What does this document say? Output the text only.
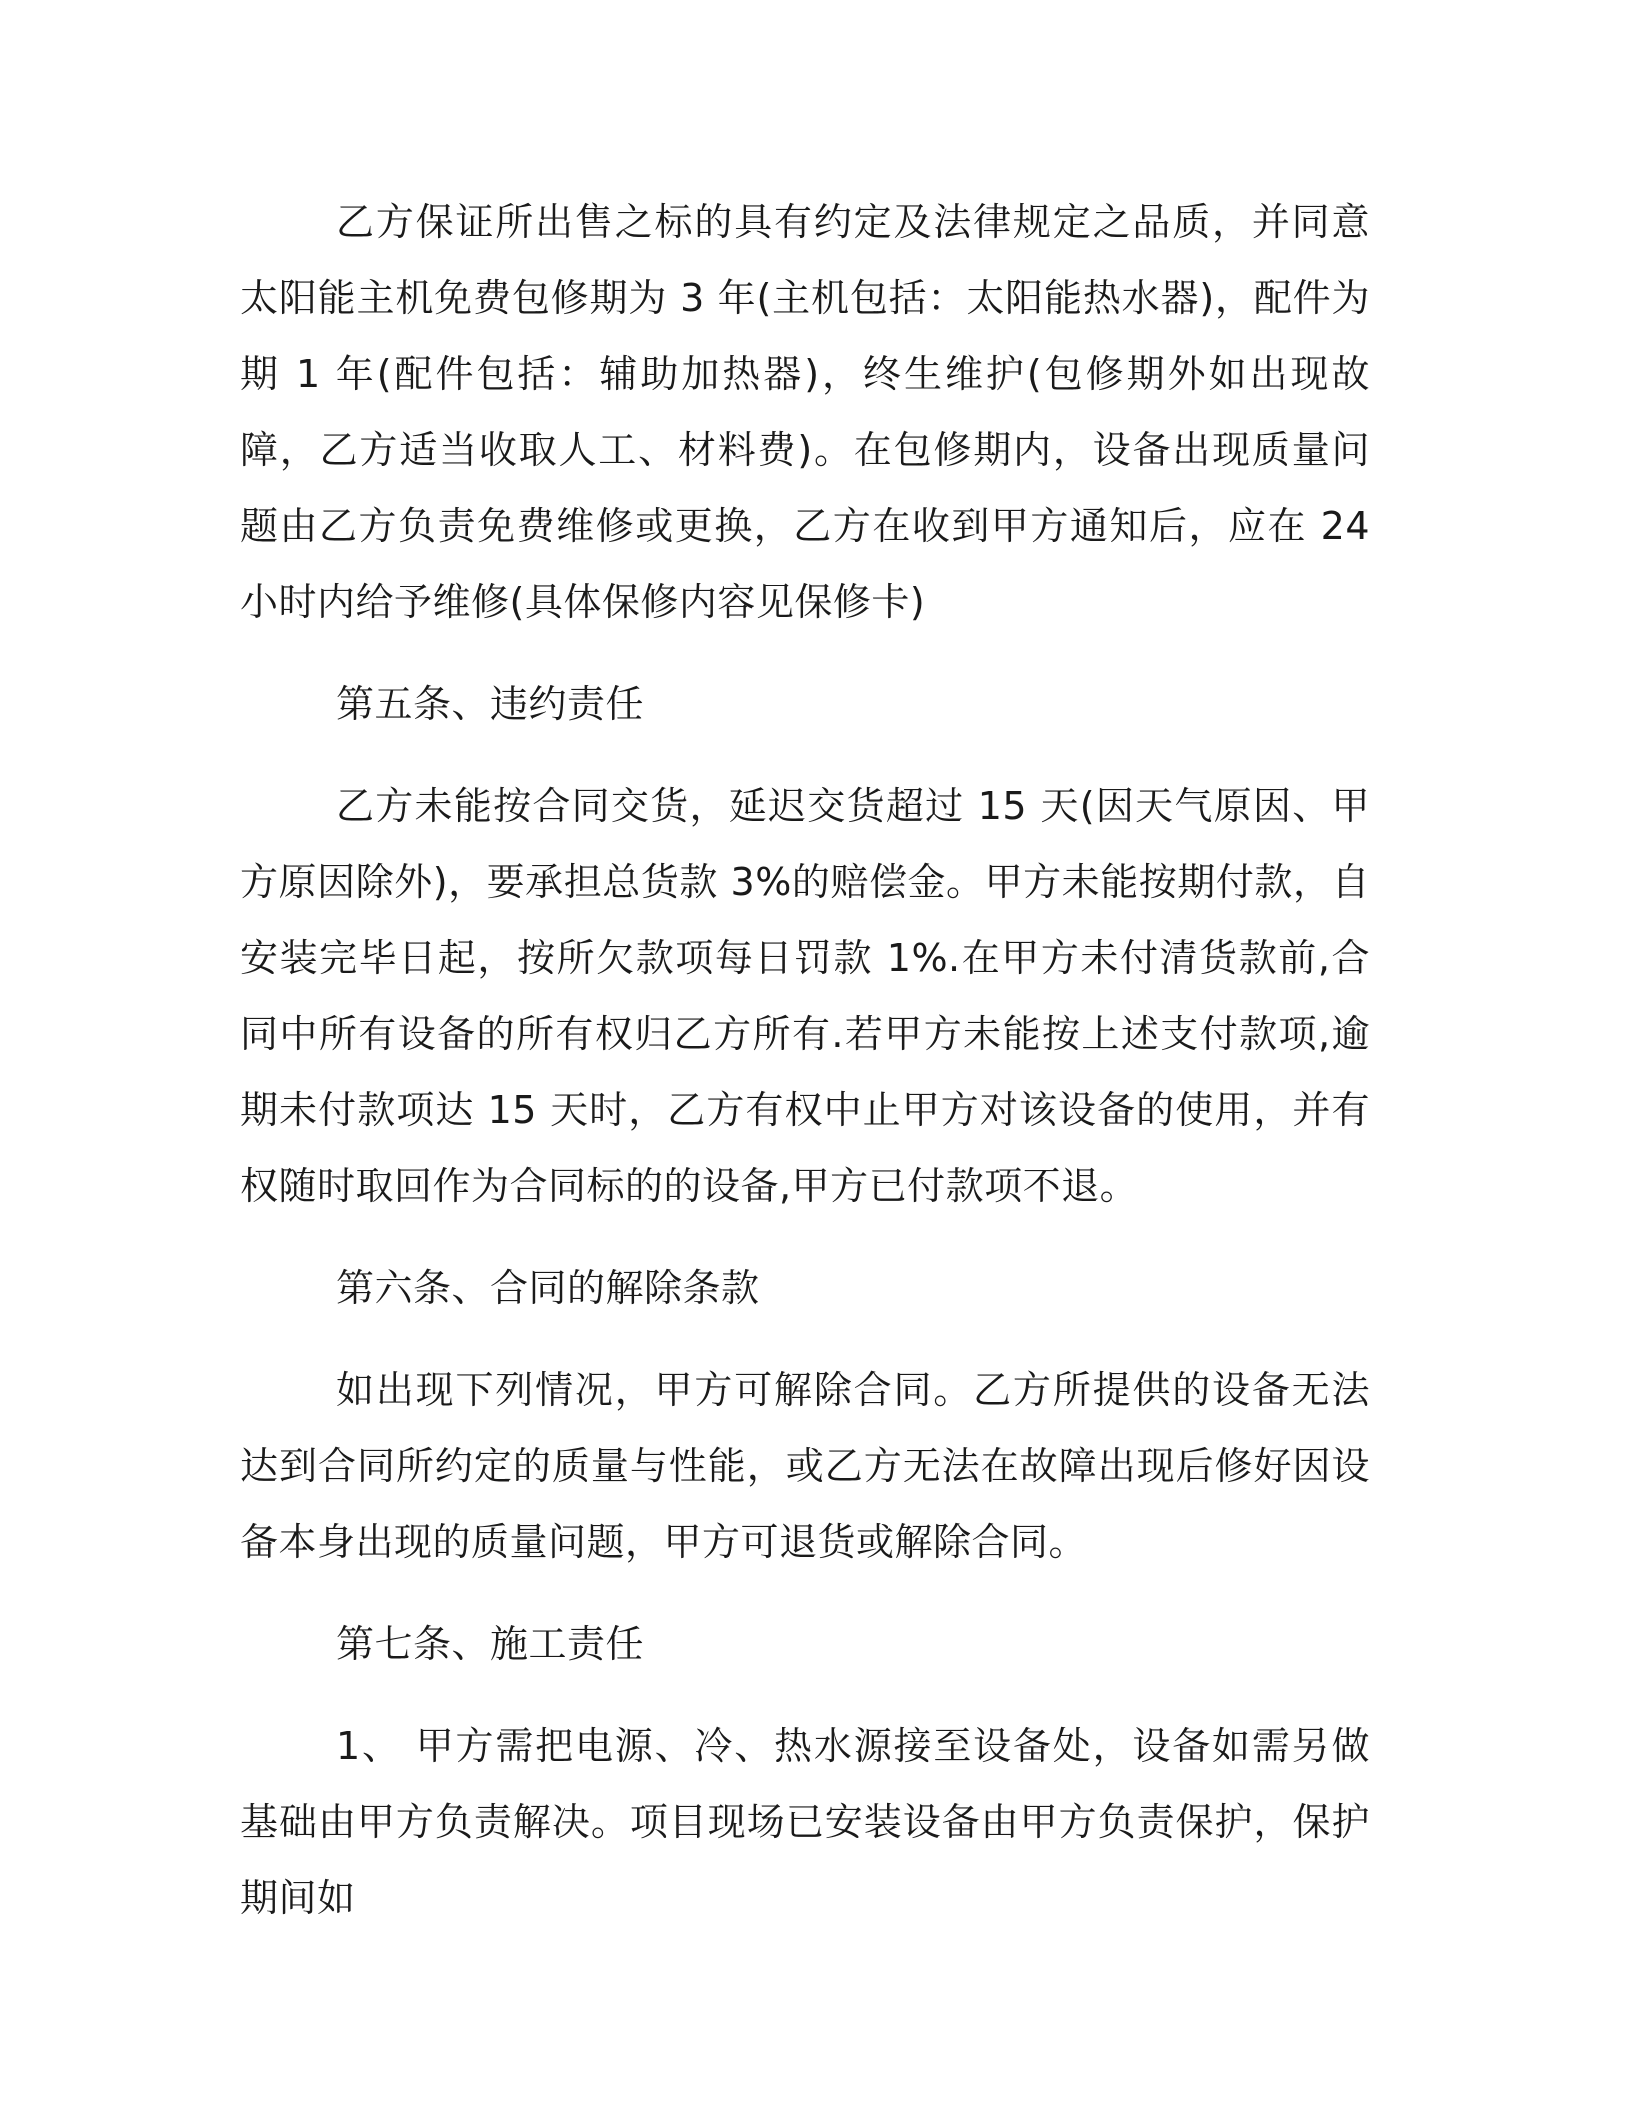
乙方保证所出售之标的具有约定及法律规定之品质，并同意太阳能主机免费包修期为 3 年(主机包括：太阳能热水器)，配件为期 1 年(配件包括：辅助加热器)，终生维护(包修期外如出现故障，乙方适当收取人工、材料费)。在包修期内，设备出现质量问题由乙方负责免费维修或更换，乙方在收到甲方通知后，应在 24 小时内给予维修(具体保修内容见保修卡)

第五条、违约责任

乙方未能按合同交货，延迟交货超过 15 天(因天气原因、甲方原因除外)，要承担总货款 3%的赔偿金。甲方未能按期付款，自安装完毕日起，按所欠款项每日罚款 1%.在甲方未付清货款前,合同中所有设备的所有权归乙方所有.若甲方未能按上述支付款项,逾期未付款项达 15 天时，乙方有权中止甲方对该设备的使用，并有权随时取回作为合同标的的设备,甲方已付款项不退。

第六条、合同的解除条款

如出现下列情况，甲方可解除合同。乙方所提供的设备无法达到合同所约定的质量与性能，或乙方无法在故障出现后修好因设备本身出现的质量问题，甲方可退货或解除合同。

第七条、施工责任

1、 甲方需把电源、冷、热水源接至设备处，设备如需另做基础由甲方负责解决。项目现场已安装设备由甲方负责保护，保护期间如
